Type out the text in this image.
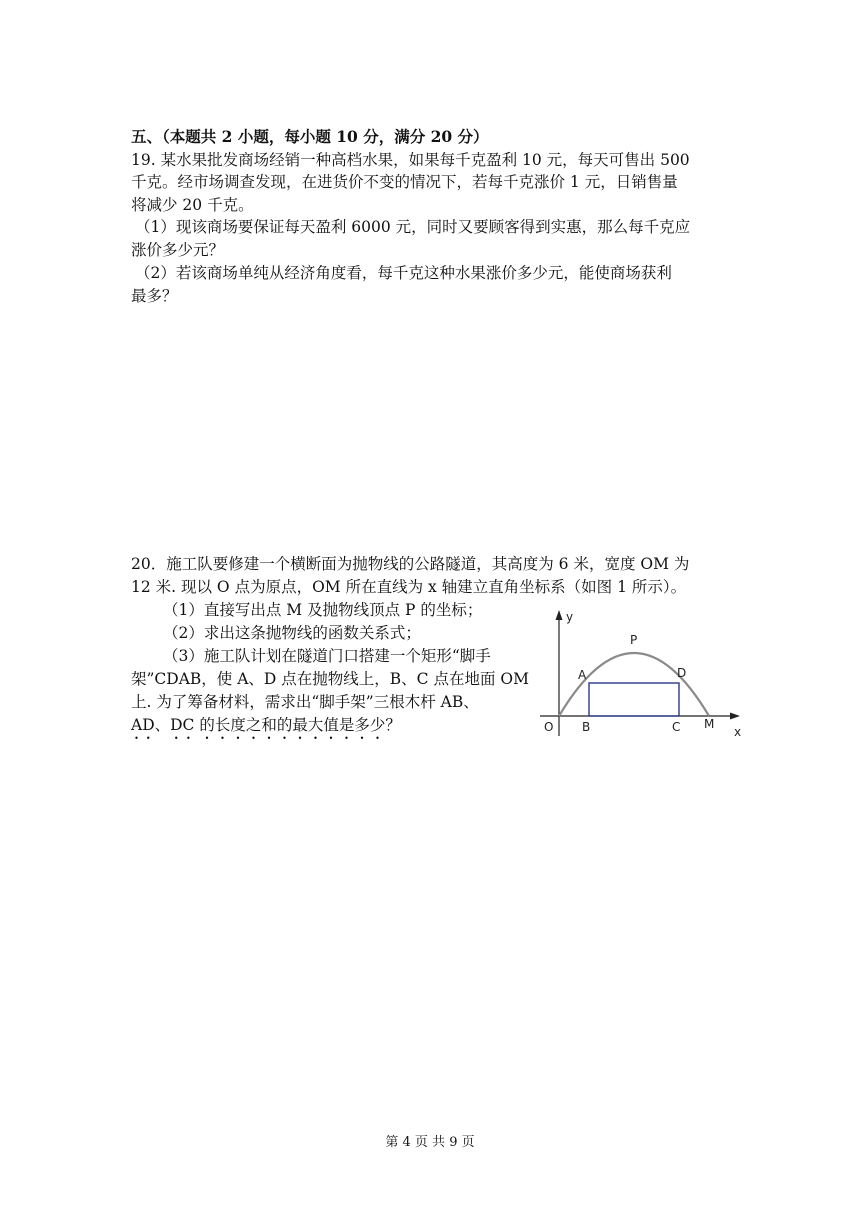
五、（本题共 2 小题，每小题 10 分，满分 20 分）
19. 某水果批发商场经销一种高档水果，如果每千克盈利 10 元，每天可售出 500
千克。经市场调查发现，在进货价不变的情况下，若每千克涨价 1 元，日销售量
将减少 20 千克。
（1）现该商场要保证每天盈利 6000 元，同时又要顾客得到实惠，那么每千克应
涨价多少元？
（2）若该商场单纯从经济角度看，每千克这种水果涨价多少元，能使商场获利
最多？
20．施工队要修建一个横断面为抛物线的公路隧道，其高度为 6 米，宽度 OM 为
12 米. 现以 O 点为原点，OM 所在直线为 x 轴建立直角坐标系（如图 1 所示）。
（1）直接写出点 M 及抛物线顶点 P 的坐标；
（2）求出这条抛物线的函数关系式；
（3）施工队计划在隧道门口搭建一个矩形“脚手
架”CDAB，使 A、D 点在抛物线上，B、C 点在地面 OM
上. 为了筹备材料，需求出“脚手架”三根木杆 AB、
AD、DC 的长度之和的最大值是多少？
y
x
O
P
A	D
B	C M
第 4 页 共 9 页
